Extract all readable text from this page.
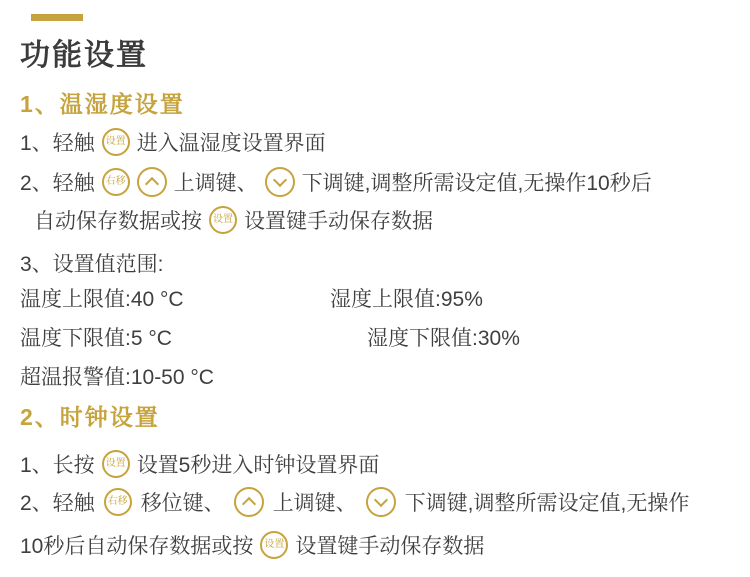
功能设置
1、温湿度设置
1、轻触 设置 进入温湿度设置界面
2、轻触 右移 上调键、 下调键,调整所需设定值,无操作10秒后
自动保存数据或按 设置 设置键手动保存数据
3、设置值范围:
温度上限值:40 °C	湿度上限值:95%
温度下限值:5 °C	湿度下限值:30%
超温报警值:10-50 °C
2、时钟设置
1、长按 设置 设置5秒进入时钟设置界面
2、轻触 右移 移位键、 上调键、 下调键,调整所需设定值,无操作
10秒后自动保存数据或按 设置 设置键手动保存数据
